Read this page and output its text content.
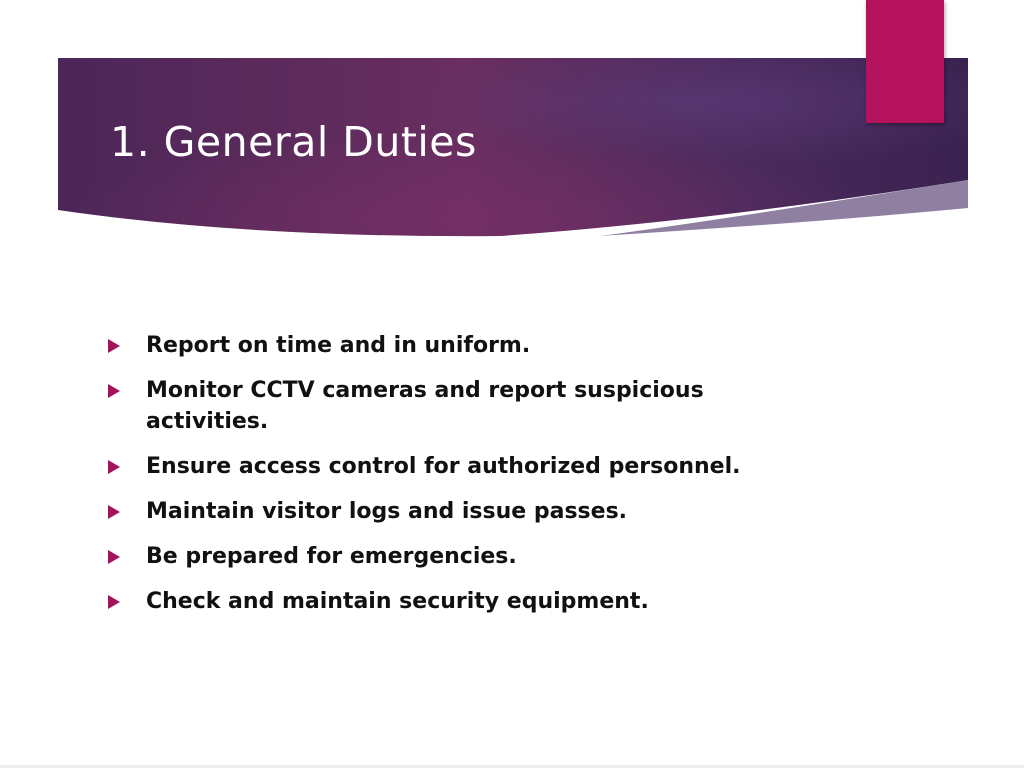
1. General Duties
Report on time and in uniform.
Monitor CCTV cameras and report suspicious activities.
Ensure access control for authorized personnel.
Maintain visitor logs and issue passes.
Be prepared for emergencies.
Check and maintain security equipment.
